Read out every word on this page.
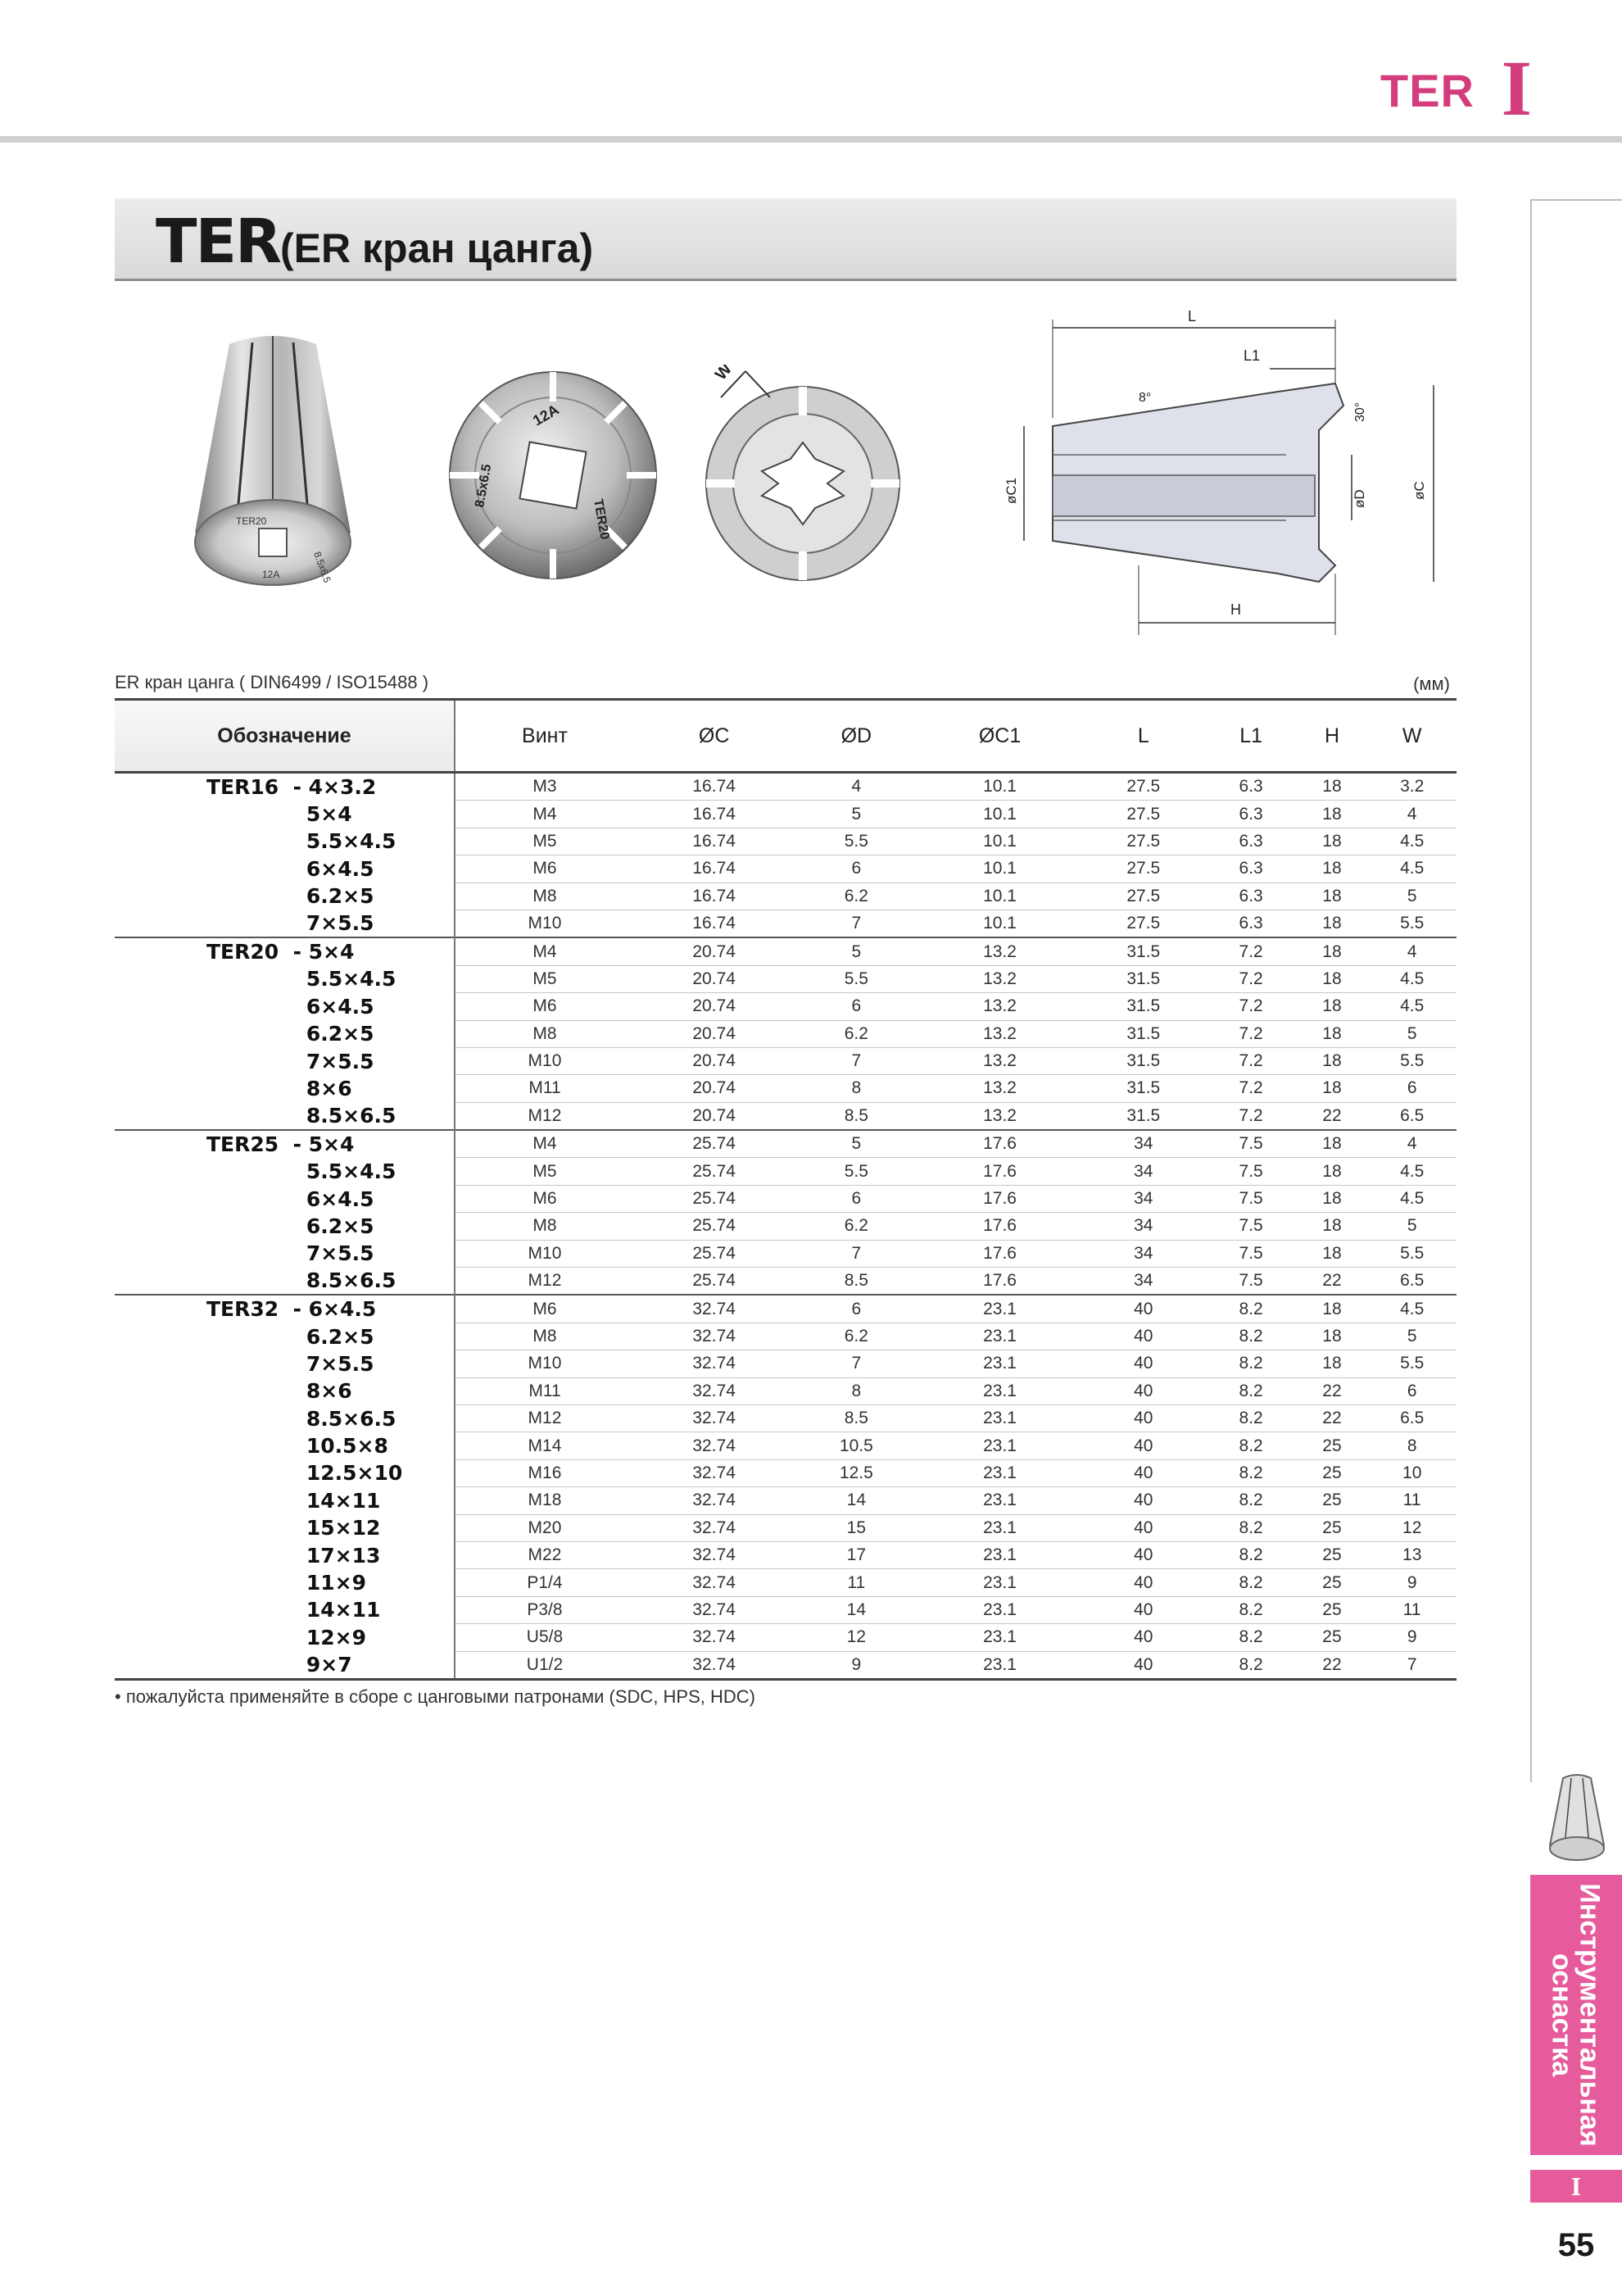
TER I
TER(ER кран цанга)
TER20
8.5x6.5
12A
12A
8.5x6.5
TER20
W
L
L1
8°
30°
øC1	øD	øC
H
ER кран цанга ( DIN6499 / ISO15488 )	(мм)
Обозначение	Винт	ØC	ØD	ØC1	L	L1	H	W
TER16  - 4×3.2	M3	16.74	4	10.1	27.5	6.3	18	3.2
5×4	M4	16.74	5	10.1	27.5	6.3	18	4
5.5×4.5	M5	16.74	5.5	10.1	27.5	6.3	18	4.5
6×4.5	M6	16.74	6	10.1	27.5	6.3	18	4.5
6.2×5	M8	16.74	6.2	10.1	27.5	6.3	18	5
7×5.5	M10	16.74	7	10.1	27.5	6.3	18	5.5
TER20  - 5×4	M4	20.74	5	13.2	31.5	7.2	18	4
5.5×4.5	M5	20.74	5.5	13.2	31.5	7.2	18	4.5
6×4.5	M6	20.74	6	13.2	31.5	7.2	18	4.5
6.2×5	M8	20.74	6.2	13.2	31.5	7.2	18	5
7×5.5	M10	20.74	7	13.2	31.5	7.2	18	5.5
8×6	M11	20.74	8	13.2	31.5	7.2	18	6
8.5×6.5	M12	20.74	8.5	13.2	31.5	7.2	22	6.5
TER25  - 5×4	M4	25.74	5	17.6	34	7.5	18	4
5.5×4.5	M5	25.74	5.5	17.6	34	7.5	18	4.5
6×4.5	M6	25.74	6	17.6	34	7.5	18	4.5
6.2×5	M8	25.74	6.2	17.6	34	7.5	18	5
7×5.5	M10	25.74	7	17.6	34	7.5	18	5.5
8.5×6.5	M12	25.74	8.5	17.6	34	7.5	22	6.5
TER32  - 6×4.5	M6	32.74	6	23.1	40	8.2	18	4.5
6.2×5	M8	32.74	6.2	23.1	40	8.2	18	5
7×5.5	M10	32.74	7	23.1	40	8.2	18	5.5
8×6	M11	32.74	8	23.1	40	8.2	22	6
8.5×6.5	M12	32.74	8.5	23.1	40	8.2	22	6.5
10.5×8	M14	32.74	10.5	23.1	40	8.2	25	8
12.5×10	M16	32.74	12.5	23.1	40	8.2	25	10
14×11	M18	32.74	14	23.1	40	8.2	25	11
15×12	M20	32.74	15	23.1	40	8.2	25	12
17×13	M22	32.74	17	23.1	40	8.2	25	13
11×9	P1/4	32.74	11	23.1	40	8.2	25	9
14×11	P3/8	32.74	14	23.1	40	8.2	25	11
12×9	U5/8	32.74	12	23.1	40	8.2	25	9
9×7	U1/2	32.74	9	23.1	40	8.2	22	7
• пожалуйста применяйте в сборе с цанговыми патронами (SDC, HPS, HDC)
Инструментальная
оснастка
I
55
